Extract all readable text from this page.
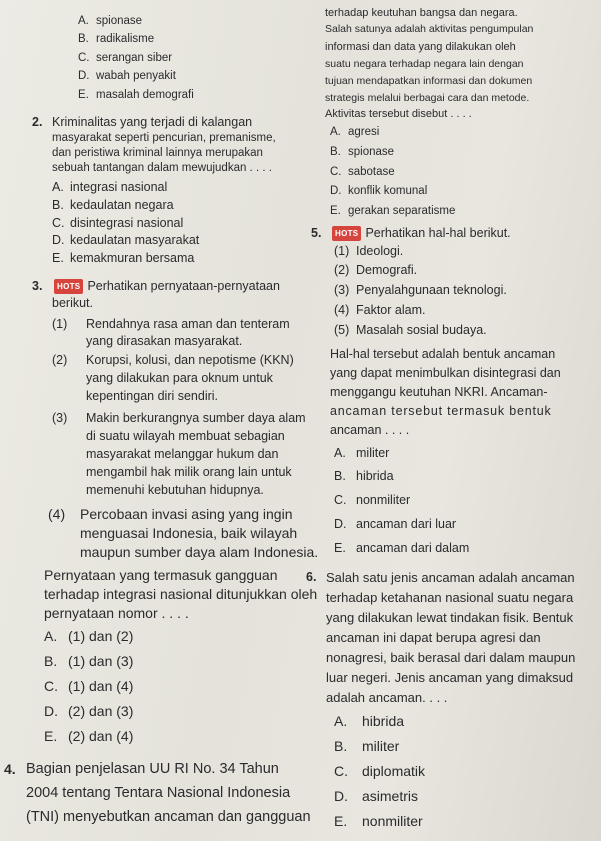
A. spionase
B. radikalisme
C. serangan siber
D. wabah penyakit
E. masalah demografi
2. Kriminalitas yang terjadi di kalangan
masyarakat seperti pencurian, premanisme,
dan peristiwa kriminal lainnya merupakan
sebuah tantangan dalam mewujudkan . . . .
A. integrasi nasional
B. kedaulatan negara
C. disintegrasi nasional
D. kedaulatan masyarakat
E. kemakmuran bersama
3.	HOTS Perhatikan pernyataan-pernyataan
berikut.
(1) Rendahnya rasa aman dan tenteram
yang dirasakan masyarakat.
(2) Korupsi, kolusi, dan nepotisme (KKN)
yang dilakukan para oknum untuk
kepentingan diri sendiri.
(3) Makin berkurangnya sumber daya alam
di suatu wilayah membuat sebagian
masyarakat melanggar hukum dan
mengambil hak milik orang lain untuk
memenuhi kebutuhan hidupnya.
(4) Percobaan invasi asing yang ingin
menguasai Indonesia, baik wilayah
maupun sumber daya alam Indonesia.
Pernyataan yang termasuk gangguan
terhadap integrasi nasional ditunjukkan oleh
pernyataan nomor . . . .
A. (1) dan (2)
B. (1) dan (3)
C. (1) dan (4)
D. (2) dan (3)
E. (2) dan (4)
4. Bagian penjelasan UU RI No. 34 Tahun
2004 tentang Tentara Nasional Indonesia
(TNI) menyebutkan ancaman dan gangguan
terhadap keutuhan bangsa dan negara.
Salah satunya adalah aktivitas pengumpulan
informasi dan data yang dilakukan oleh
suatu negara terhadap negara lain dengan
tujuan mendapatkan informasi dan dokumen
strategis melalui berbagai cara dan metode.
Aktivitas tersebut disebut . . . .
A. agresi
B. spionase
C. sabotase
D. konflik komunal
E. gerakan separatisme
5.	HOTS Perhatikan hal-hal berikut.
(1) Ideologi.
(2) Demografi.
(3) Penyalahgunaan teknologi.
(4) Faktor alam.
(5) Masalah sosial budaya.
Hal-hal tersebut adalah bentuk ancaman
yang dapat menimbulkan disintegrasi dan
menggangu keutuhan NKRI. Ancaman-
ancaman tersebut termasuk bentuk
ancaman . . . .
A. militer
B. hibrida
C. nonmiliter
D. ancaman dari luar
E. ancaman dari dalam
6. Salah satu jenis ancaman adalah ancaman
terhadap ketahanan nasional suatu negara
yang dilakukan lewat tindakan fisik. Bentuk
ancaman ini dapat berupa agresi dan
nonagresi, baik berasal dari dalam maupun
luar negeri. Jenis ancaman yang dimaksud
adalah ancaman. . . .
A. hibrida
B. militer
C. diplomatik
D. asimetris
E. nonmiliter
